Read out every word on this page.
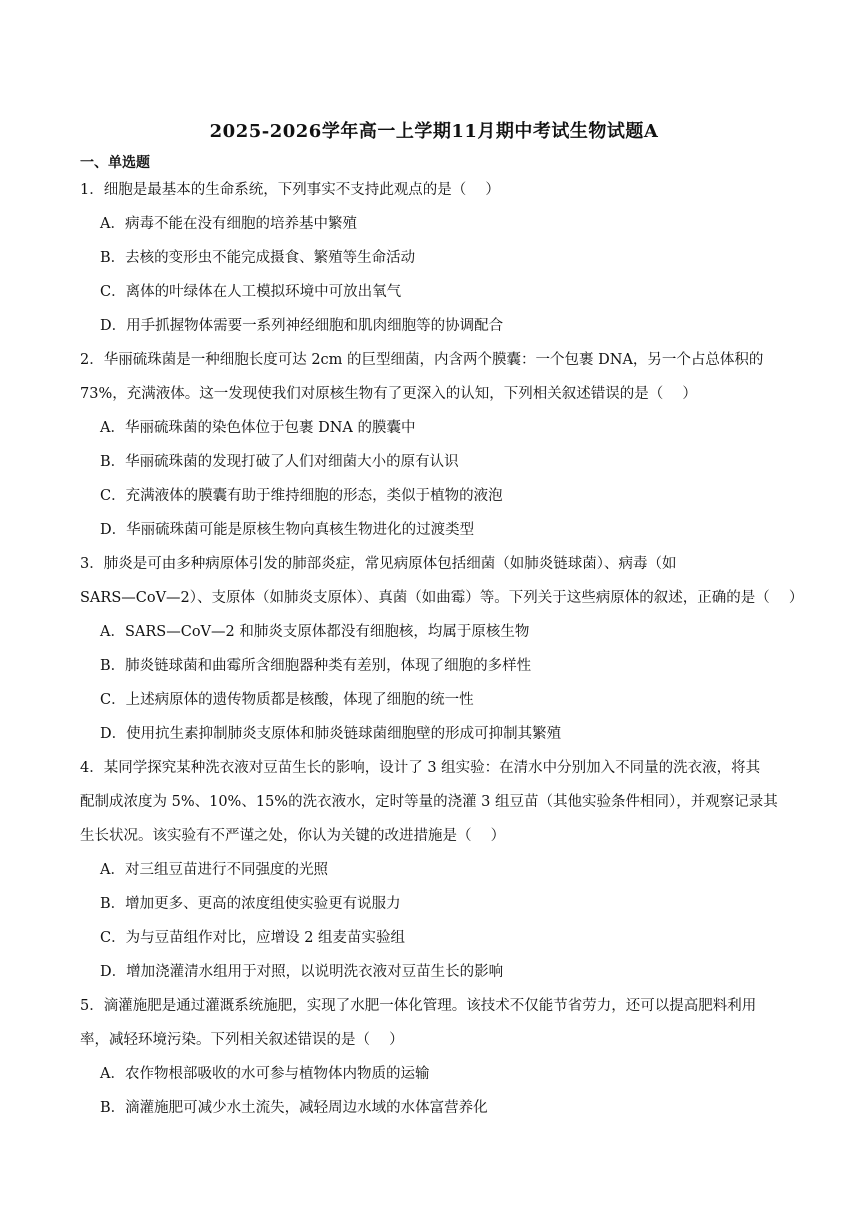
2025-2026学年高一上学期11月期中考试生物试题A
一、单选题
1．细胞是最基本的生命系统，下列事实不支持此观点的是（　 ）
A．病毒不能在没有细胞的培养基中繁殖
B．去核的变形虫不能完成摄食、繁殖等生命活动
C．离体的叶绿体在人工模拟环境中可放出氧气
D．用手抓握物体需要一系列神经细胞和肌肉细胞等的协调配合
2．华丽硫珠菌是一种细胞长度可达 2cm 的巨型细菌，内含两个膜囊：一个包裹 DNA，另一个占总体积的
73%，充满液体。这一发现使我们对原核生物有了更深入的认知，下列相关叙述错误的是（　 ）
A．华丽硫珠菌的染色体位于包裹 DNA 的膜囊中
B．华丽硫珠菌的发现打破了人们对细菌大小的原有认识
C．充满液体的膜囊有助于维持细胞的形态，类似于植物的液泡
D．华丽硫珠菌可能是原核生物向真核生物进化的过渡类型
3．肺炎是可由多种病原体引发的肺部炎症，常见病原体包括细菌（如肺炎链球菌）、病毒（如
SARS—CoV—2）、支原体（如肺炎支原体）、真菌（如曲霉）等。下列关于这些病原体的叙述，正确的是（　 ）
A．SARS—CoV—2 和肺炎支原体都没有细胞核，均属于原核生物
B．肺炎链球菌和曲霉所含细胞器种类有差别，体现了细胞的多样性
C．上述病原体的遗传物质都是核酸，体现了细胞的统一性
D．使用抗生素抑制肺炎支原体和肺炎链球菌细胞壁的形成可抑制其繁殖
4．某同学探究某种洗衣液对豆苗生长的影响，设计了 3 组实验：在清水中分别加入不同量的洗衣液，将其
配制成浓度为 5%、10%、15%的洗衣液水，定时等量的浇灌 3 组豆苗（其他实验条件相同），并观察记录其
生长状况。该实验有不严谨之处，你认为关键的改进措施是（　 ）
A．对三组豆苗进行不同强度的光照
B．增加更多、更高的浓度组使实验更有说服力
C．为与豆苗组作对比，应增设 2 组麦苗实验组
D．增加浇灌清水组用于对照，以说明洗衣液对豆苗生长的影响
5．滴灌施肥是通过灌溉系统施肥，实现了水肥一体化管理。该技术不仅能节省劳力，还可以提高肥料利用
率，减轻环境污染。下列相关叙述错误的是（　 ）
A．农作物根部吸收的水可参与植物体内物质的运输
B．滴灌施肥可减少水土流失，减轻周边水域的水体富营养化
